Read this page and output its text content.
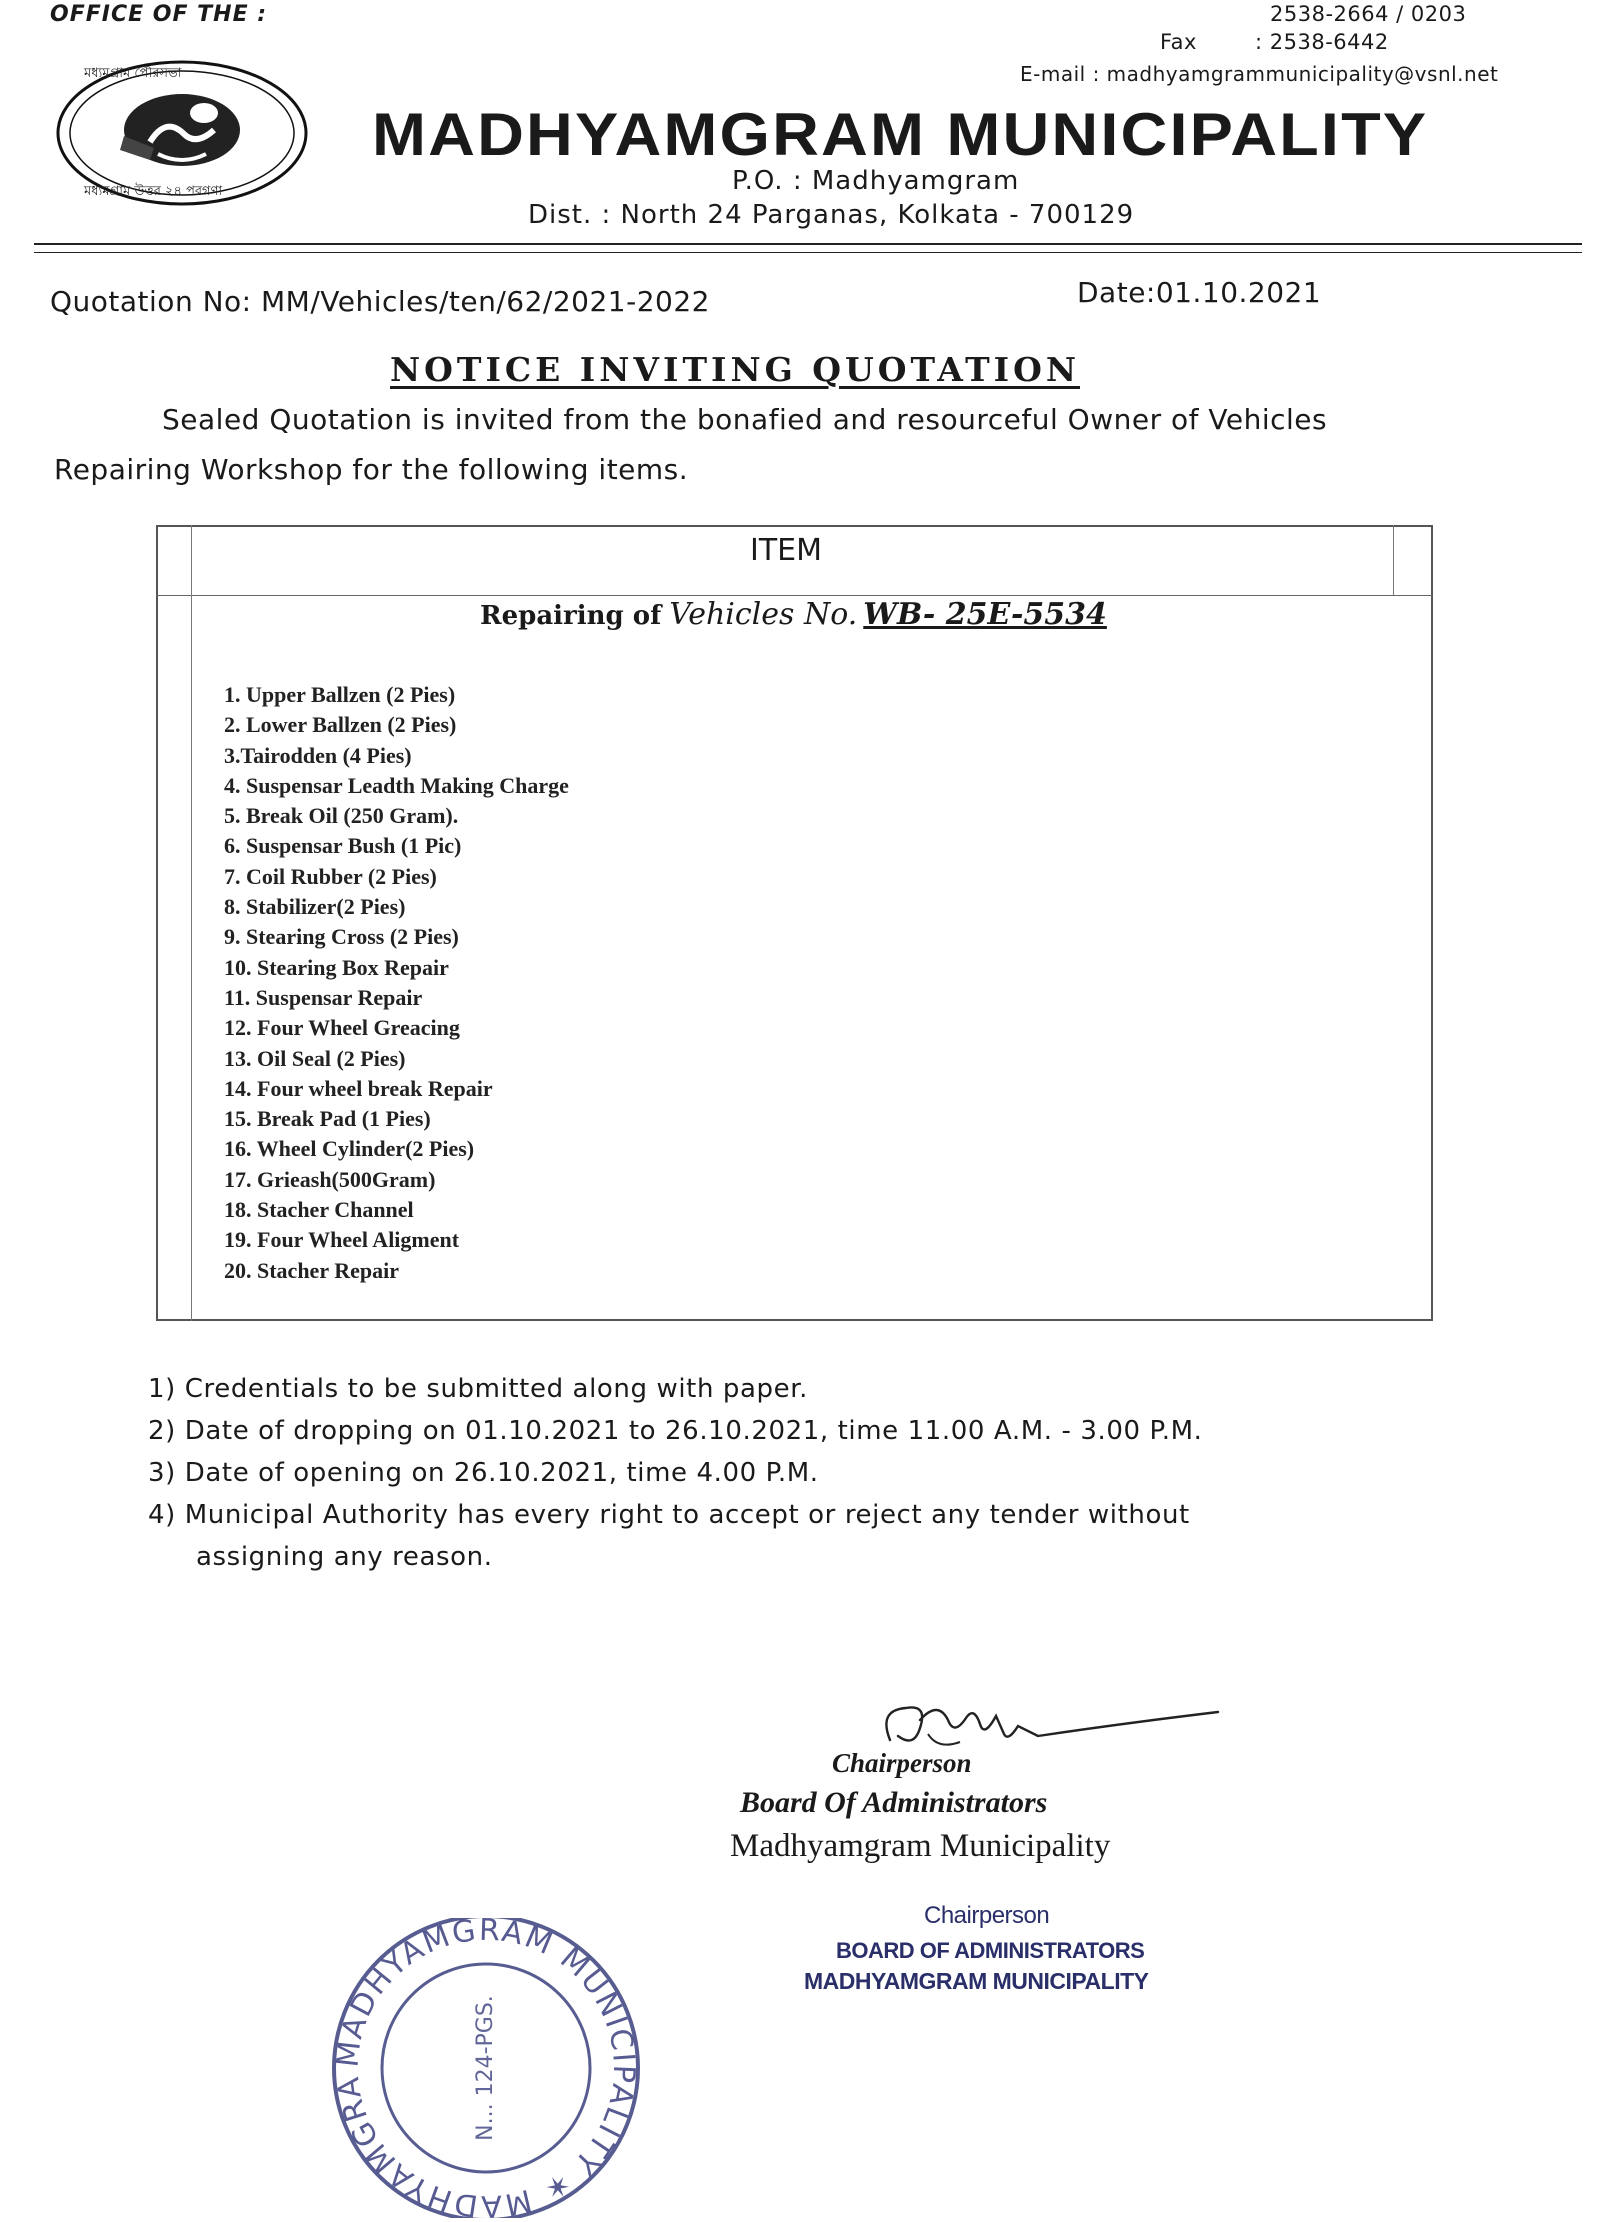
OFFICE OF THE :	2538-2664 / 0203
Fax	: 2538-6442
E-mail : madhyamgrammunicipality@vsnl.net
মধ্যমগ্রাম পৌরসভা
মধ্যমগ্রাম উত্তর ২৪ পরগণা
MADHYAMGRAM MUNICIPALITY
P.O. : Madhyamgram
Dist. : North 24 Parganas, Kolkata - 700129
Quotation No: MM/Vehicles/ten/62/2021-2022	Date:01.10.2021
NOTICE INVITING QUOTATION
Sealed Quotation is invited from the bonafied and resourceful Owner of Vehicles
Repairing Workshop for the following items.
ITEM
Repairing of Vehicles No. WB- 25E-5534
1. Upper Ballzen (2 Pies)
2. Lower Ballzen (2 Pies)
3.Tairodden (4 Pies)
4. Suspensar Leadth Making Charge
5. Break Oil (250 Gram).
6. Suspensar Bush (1 Pic)
7. Coil Rubber (2 Pies)
8. Stabilizer(2 Pies)
9. Stearing Cross (2 Pies)
10. Stearing Box Repair
11. Suspensar Repair
12. Four Wheel Greacing
13. Oil Seal (2 Pies)
14. Four wheel break Repair
15. Break Pad (1 Pies)
16. Wheel Cylinder(2 Pies)
17. Grieash(500Gram)
18. Stacher Channel
19. Four Wheel Aligment
20. Stacher Repair
1) Credentials to be submitted along with paper.
2) Date of dropping on 01.10.2021 to 26.10.2021, time 11.00 A.M. - 3.00 P.M.
3) Date of opening on 26.10.2021, time 4.00 P.M.
4) Municipal Authority has every right to accept or reject any tender without
assigning any reason.
Chairperson
Board Of Administrators
Madhyamgram Municipality
Chairperson
BOARD OF ADMINISTRATORS
MADHYAMGRAM MUNICIPALITY
MADHYAMGRAM MUNICIPALITY ✶ MADHYAMGRA	N... 124-PGS.
